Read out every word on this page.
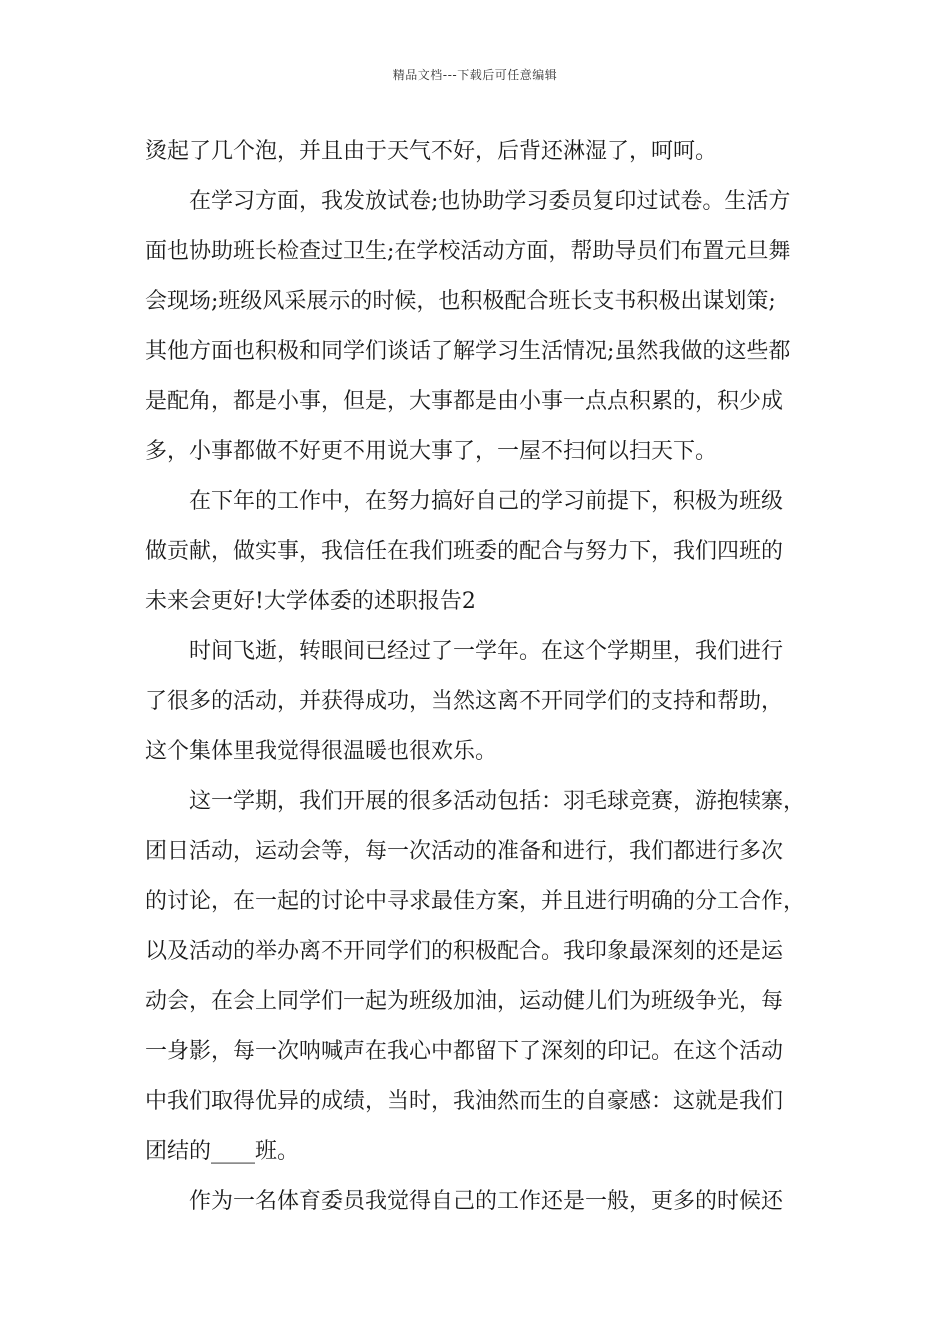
精品文档---下载后可任意编辑
烫起了几个泡，并且由于天气不好，后背还淋湿了，呵呵。
在学习方面，我发放试卷;也协助学习委员复印过试卷。生活方
面也协助班长检查过卫生;在学校活动方面，帮助导员们布置元旦舞
会现场;班级风采展示的时候，也积极配合班长支书积极出谋划策;
其他方面也积极和同学们谈话了解学习生活情况;虽然我做的这些都
是配角，都是小事，但是，大事都是由小事一点点积累的，积少成
多，小事都做不好更不用说大事了，一屋不扫何以扫天下。
在下年的工作中，在努力搞好自己的学习前提下，积极为班级
做贡献，做实事，我信任在我们班委的配合与努力下，我们四班的
未来会更好!大学体委的述职报告2
时间飞逝，转眼间已经过了一学年。在这个学期里，我们进行
了很多的活动，并获得成功，当然这离不开同学们的支持和帮助，
这个集体里我觉得很温暖也很欢乐。
这一学期，我们开展的很多活动包括：羽毛球竞赛，游抱犊寨，
团日活动，运动会等，每一次活动的准备和进行，我们都进行多次
的讨论，在一起的讨论中寻求最佳方案，并且进行明确的分工合作，
以及活动的举办离不开同学们的积极配合。我印象最深刻的还是运
动会，在会上同学们一起为班级加油，运动健儿们为班级争光，每
一身影，每一次呐喊声在我心中都留下了深刻的印记。在这个活动
中我们取得优异的成绩，当时，我油然而生的自豪感：这就是我们
团结的____班。
作为一名体育委员我觉得自己的工作还是一般，更多的时候还
